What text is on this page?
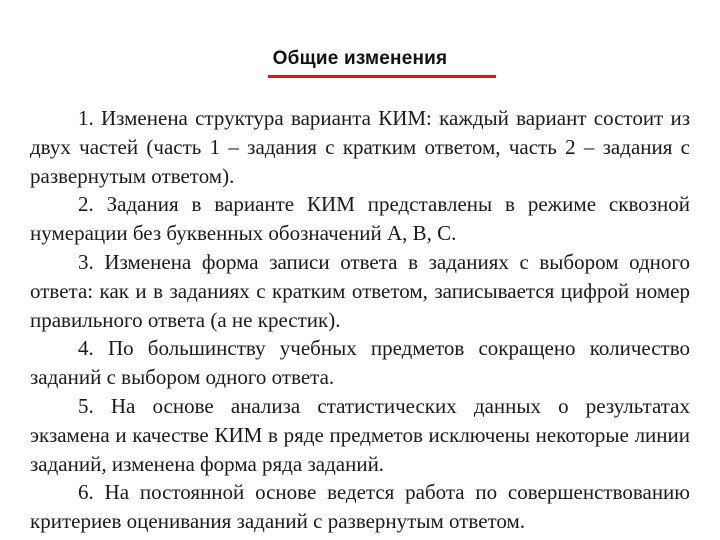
Общие изменения

1. Изменена структура варианта КИМ: каждый вариант состоит из двух частей (часть 1 – задания с кратким ответом, часть 2 – задания с развернутым ответом).

2. Задания в варианте КИМ представлены в режиме сквозной нумерации без буквенных обозначений А, В, С.

3. Изменена форма записи ответа в заданиях с выбором одного ответа: как и в заданиях с кратким ответом, записывается цифрой номер правильного ответа (а не крестик).

4. По большинству учебных предметов сокращено количество заданий с выбором одного ответа.

5. На основе анализа статистических данных о результатах экзамена и качестве КИМ в ряде предметов исключены некоторые линии заданий, изменена форма ряда заданий.

6. На постоянной основе ведется работа по совершенствованию критериев оценивания заданий с развернутым ответом.
